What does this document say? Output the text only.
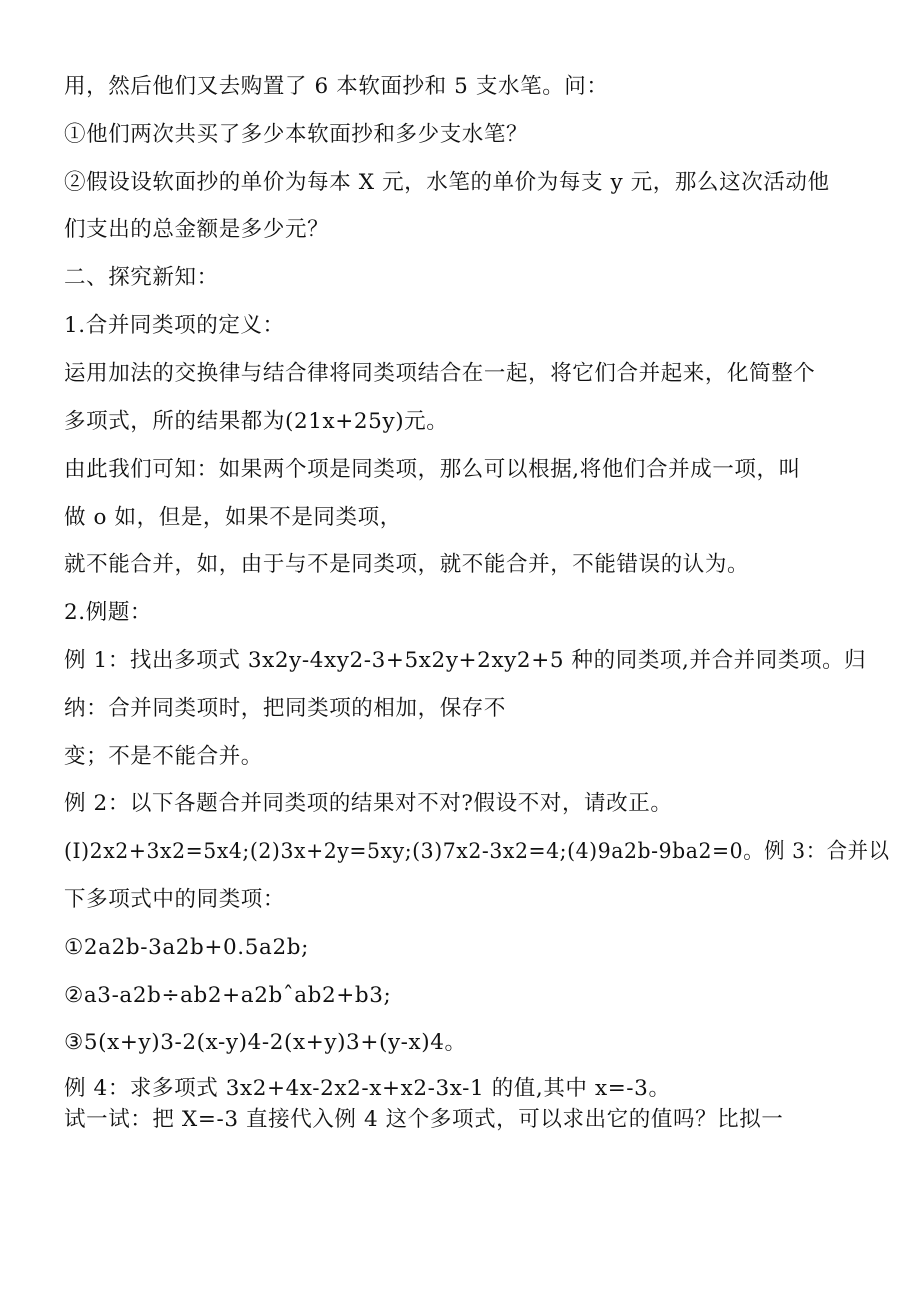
用，然后他们又去购置了 6 本软面抄和 5 支水笔。问：
①他们两次共买了多少本软面抄和多少支水笔？
②假设设软面抄的单价为每本 X 元，水笔的单价为每支 y 元，那么这次活动他
们支出的总金额是多少元？
二、探究新知：
1.合并同类项的定义：
运用加法的交换律与结合律将同类项结合在一起，将它们合并起来，化简整个
多项式，所的结果都为(21x+25y)元。
由此我们可知：如果两个项是同类项，那么可以根据,将他们合并成一项，叫
做 o 如，但是，如果不是同类项，
就不能合并，如，由于与不是同类项，就不能合并，不能错误的认为。
2.例题：
例 1：找出多项式 3x2y-4xy2-3+5x2y+2xy2+5 种的同类项,并合并同类项。归
纳：合并同类项时，把同类项的相加，保存不
变；不是不能合并。
例 2：以下各题合并同类项的结果对不对?假设不对，请改正。
(I)2x2+3x2=5x4;(2)3x+2y=5xy;(3)7x2-3x2=4;(4)9a2b-9ba2=0。例 3：合并以
下多项式中的同类项：
①2a2b-3a2b+0.5a2b;
②a3-a2b÷ab2+a2bˆab2+b3;
③5(x+y)3-2(x-y)4-2(x+y)3+(y-x)4。
例 4：求多项式 3x2+4x-2x2-x+x2-3x-1 的值,其中 x=-3。
试一试：把 X=-3 直接代入例 4 这个多项式，可以求出它的值吗？比拟一
